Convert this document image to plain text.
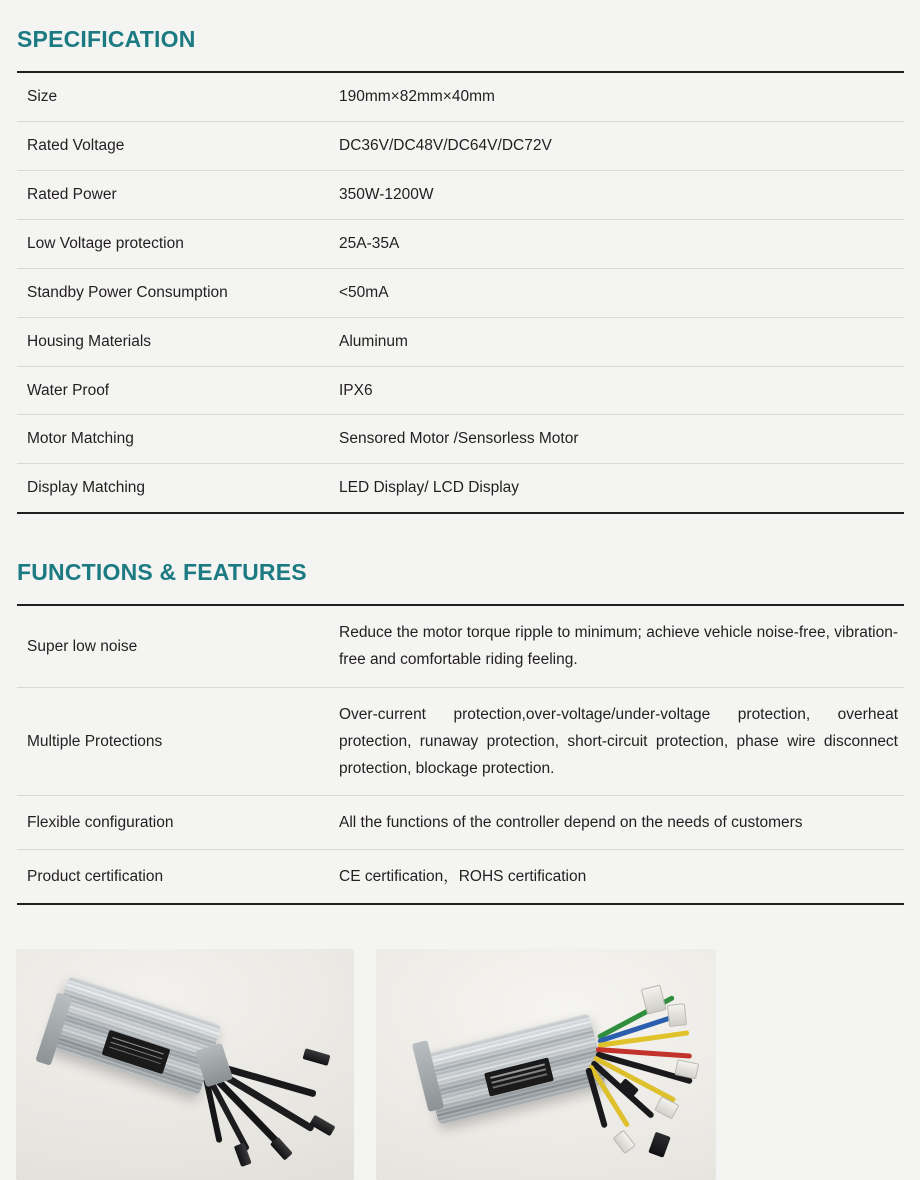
SPECIFICATION
Size	190mm×82mm×40mm
Rated Voltage	DC36V/DC48V/DC64V/DC72V
Rated Power	350W-1200W
Low Voltage protection	25A-35A
Standby Power Consumption	<50mA
Housing Materials	Aluminum
Water Proof	IPX6
Motor Matching	Sensored Motor /Sensorless Motor
Display Matching	LED Display/ LCD Display
FUNCTIONS & FEATURES
Super low noise	Reduce the motor torque ripple to minimum; achieve vehicle noise-free, vibration-free and comfortable riding feeling.
Multiple Protections	Over-current protection,over-voltage/under-voltage protection, overheat protection, runaway protection, short-circuit protection, phase wire disconnect protection, blockage protection.
Flexible configuration	All the functions of the controller depend on the needs of customers
Product certification	CE certification，ROHS certification
